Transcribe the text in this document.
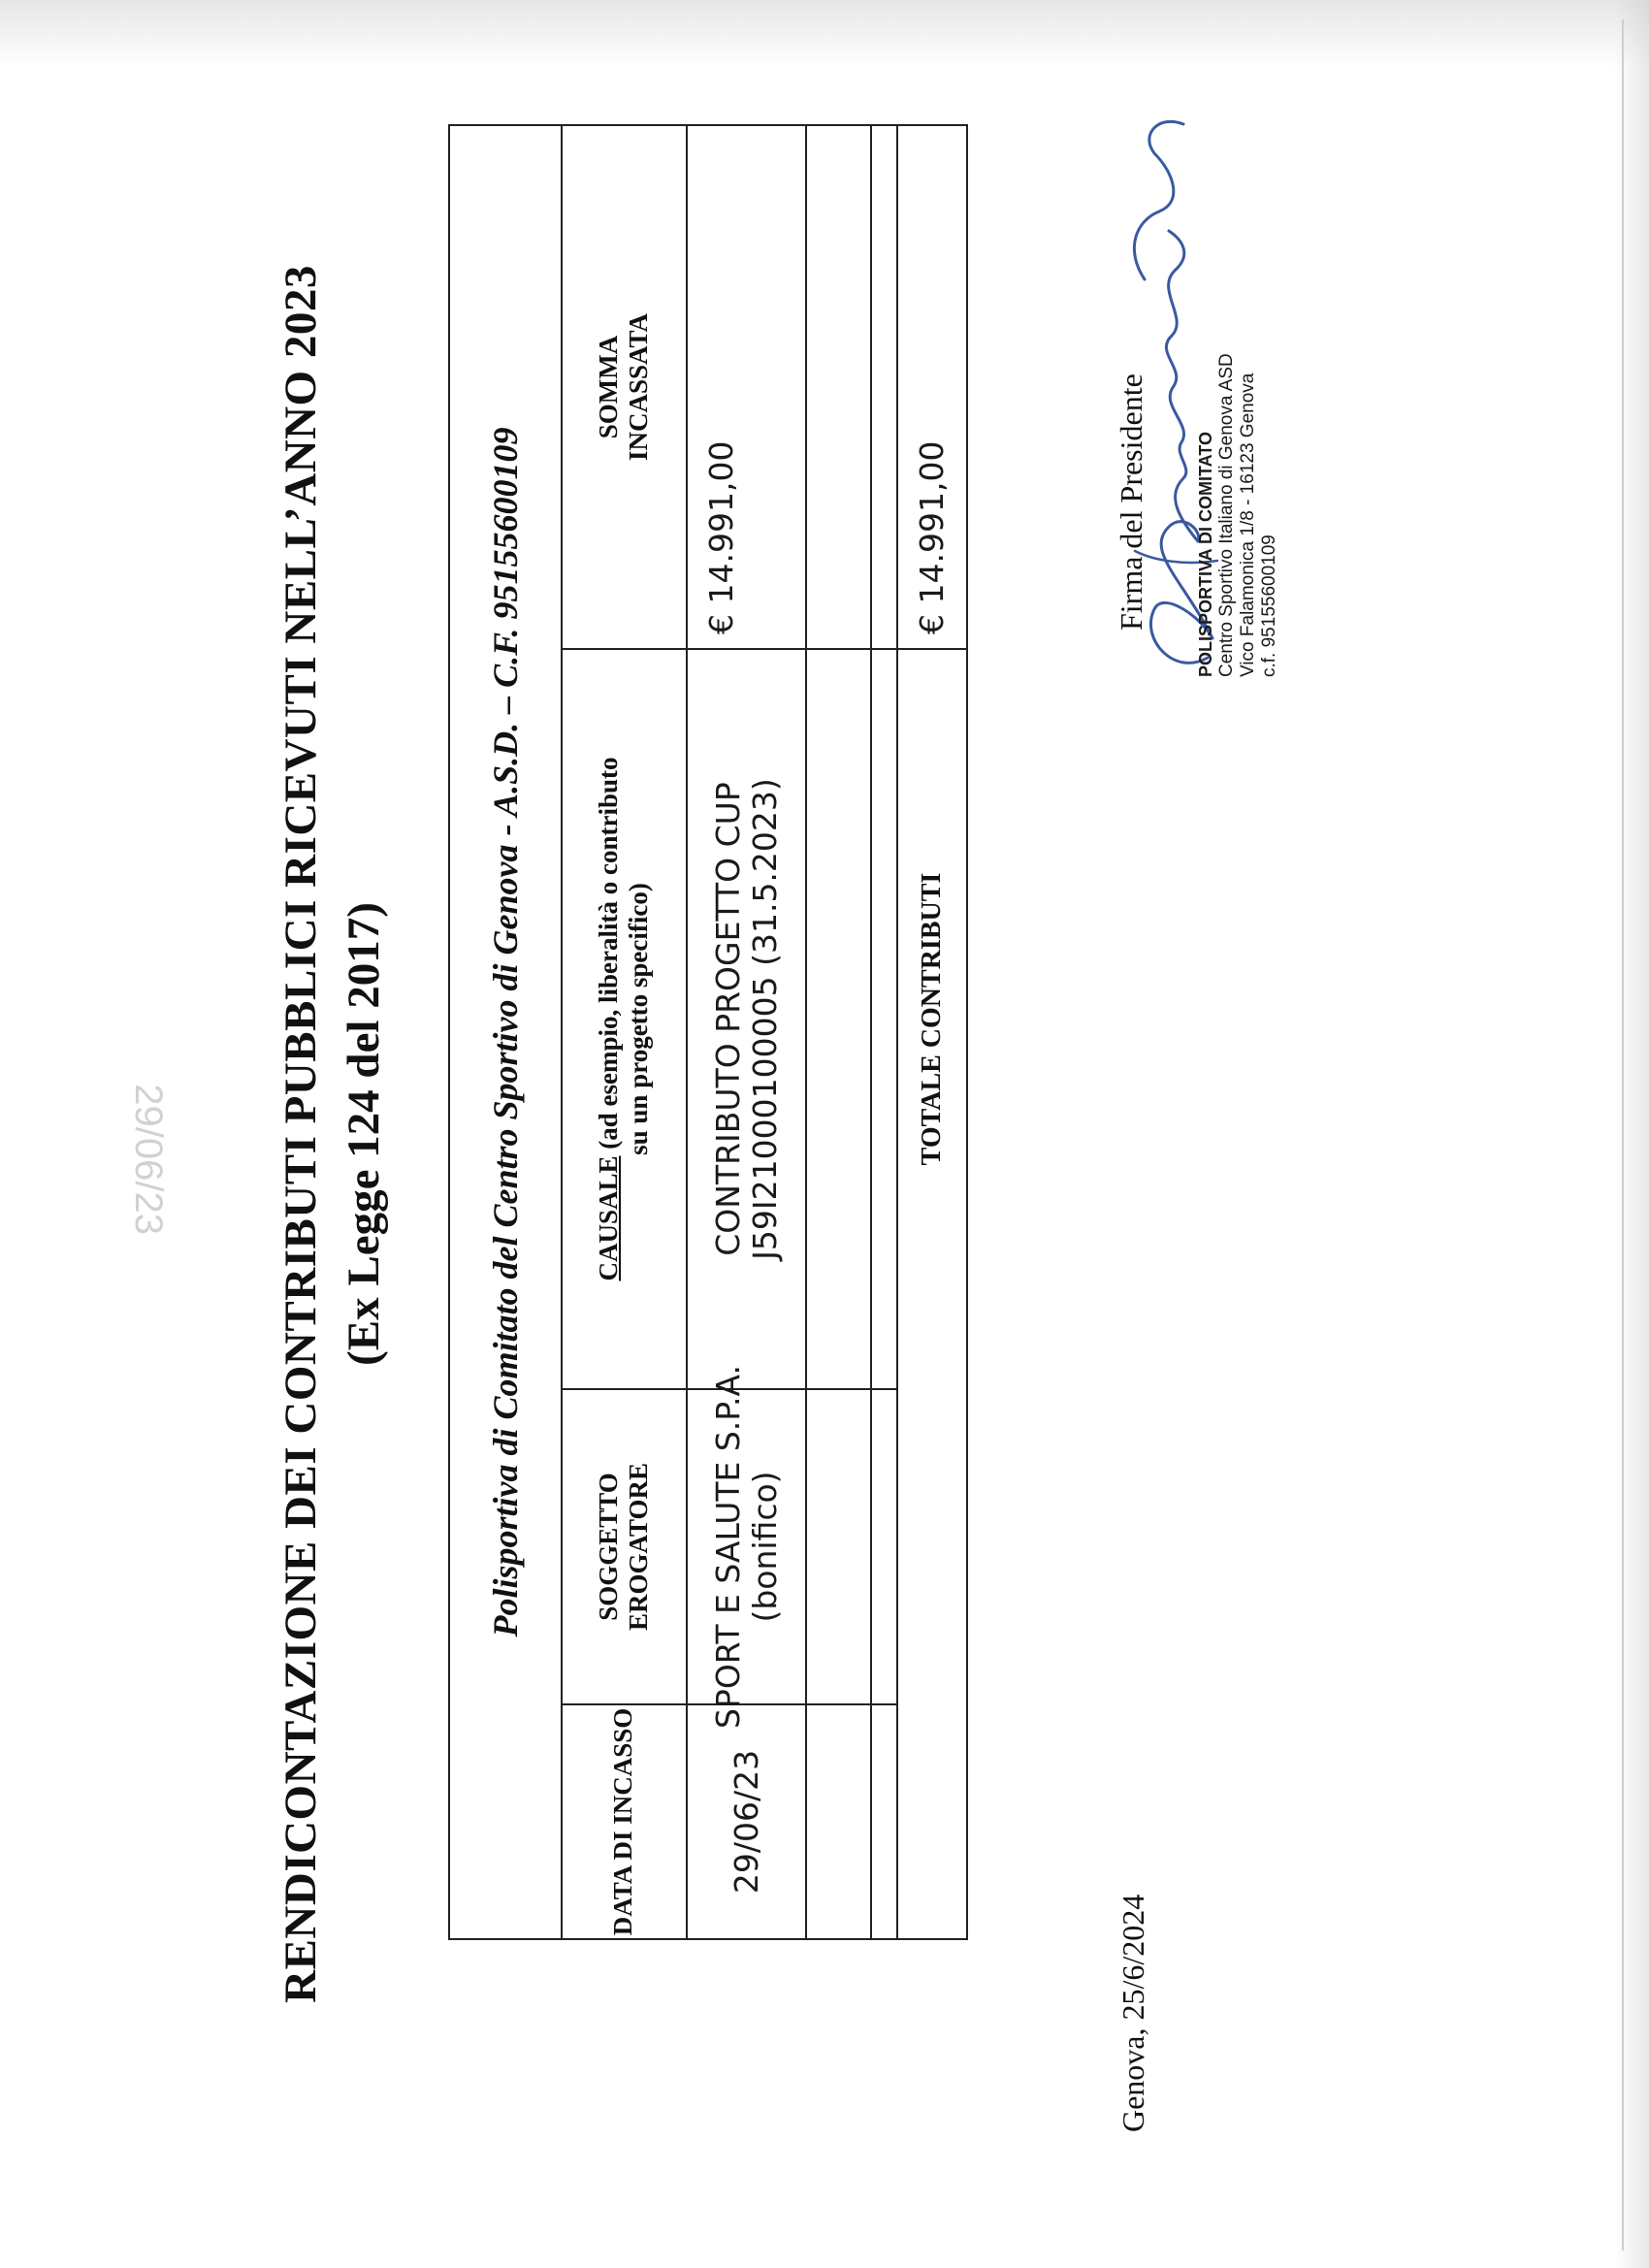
29/06/23 RENDICONTAZIONE DEI CONTRIBUTI PUBBLICI RICEVUTI NELL’ANNO 2023 (Ex Legge 124 del 2017)	Polisportiva di Comitato del Centro Sportivo di Genova - A.S.D. – C.F. 95155600109
DATA DI INCASSO
SOGGETTO EROGATORE
CAUSALE (ad esempio, liberalità o contributo su un progetto specifico)
SOMMA INCASSATA
29/06/23
SPORT E SALUTE S.P.A. (bonifico)
CONTRIBUTO PROGETTO CUP J59I21000100005 (31.5.2023)
€ 14.991,00
TOTALE CONTRIBUTI
€ 14.991,00
Genova, 25/6/2024
Firma del Presidente	POLISPORTIVA DI COMITATO Centro Sportivo Italiano di Genova ASD Vico Falamonica 1/8 - 16123 Genova c.f. 95155600109
